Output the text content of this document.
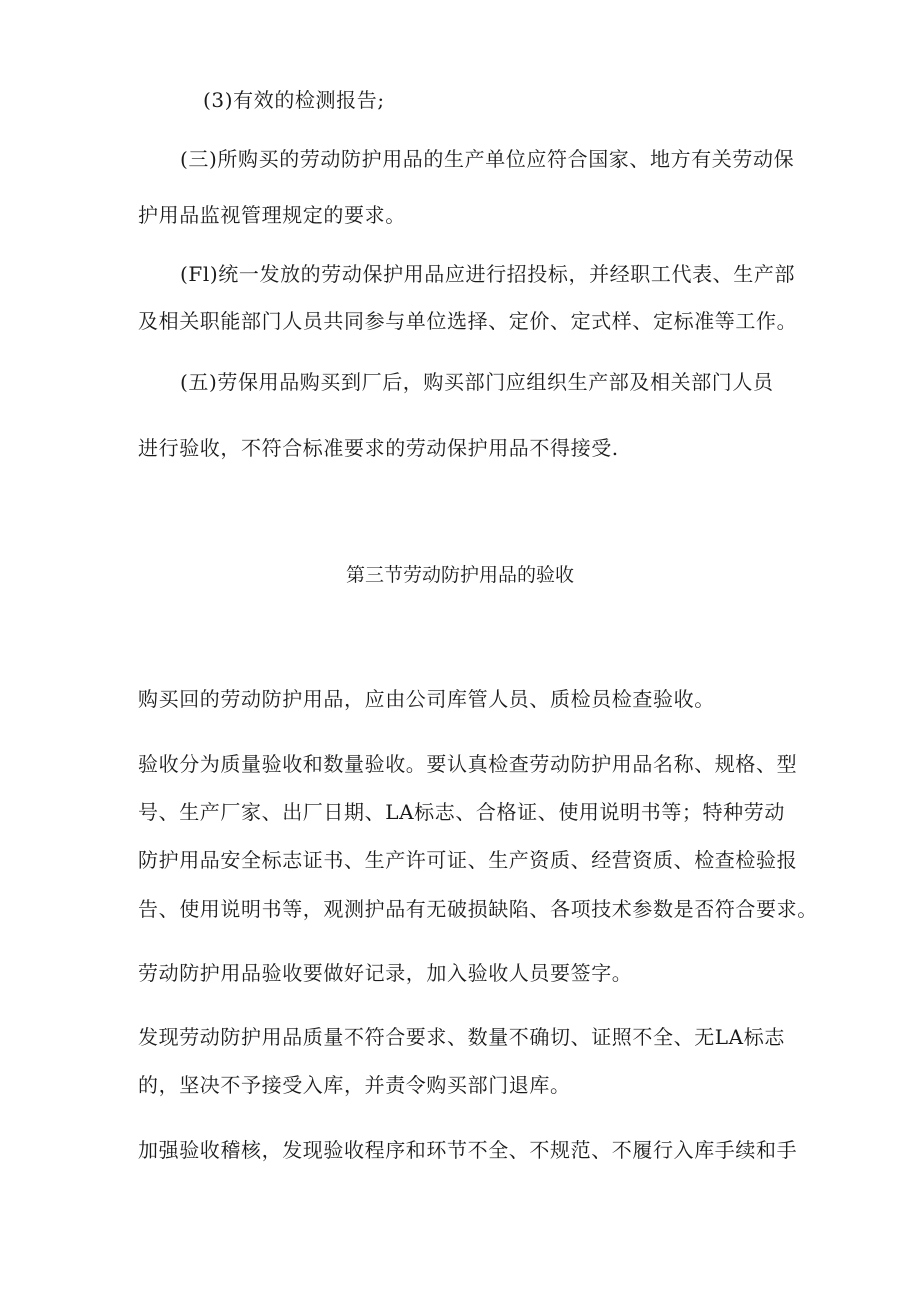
(3)有效的检测报告;
(三)所购买的劳动防护用品的生产单位应符合国家、地方有关劳动保
护用品监视管理规定的要求。
(Fl)统一发放的劳动保护用品应进行招投标，并经职工代表、生产部
及相关职能部门人员共同参与单位选择、定价、定式样、定标准等工作。
(五)劳保用品购买到厂后，购买部门应组织生产部及相关部门人员
进行验收，不符合标准要求的劳动保护用品不得接受.
第三节劳动防护用品的验收
购买回的劳动防护用品，应由公司库管人员、质检员检查验收。
验收分为质量验收和数量验收。要认真检查劳动防护用品名称、规格、型
号、生产厂家、出厂日期、LA标志、合格证、使用说明书等；特种劳动
防护用品安全标志证书、生产许可证、生产资质、经营资质、检查检验报
告、使用说明书等，观测护品有无破损缺陷、各项技术参数是否符合要求。
劳动防护用品验收要做好记录，加入验收人员要签字。
发现劳动防护用品质量不符合要求、数量不确切、证照不全、无LA标志
的，坚决不予接受入库，并责令购买部门退库。
加强验收稽核，发现验收程序和环节不全、不规范、不履行入库手续和手
